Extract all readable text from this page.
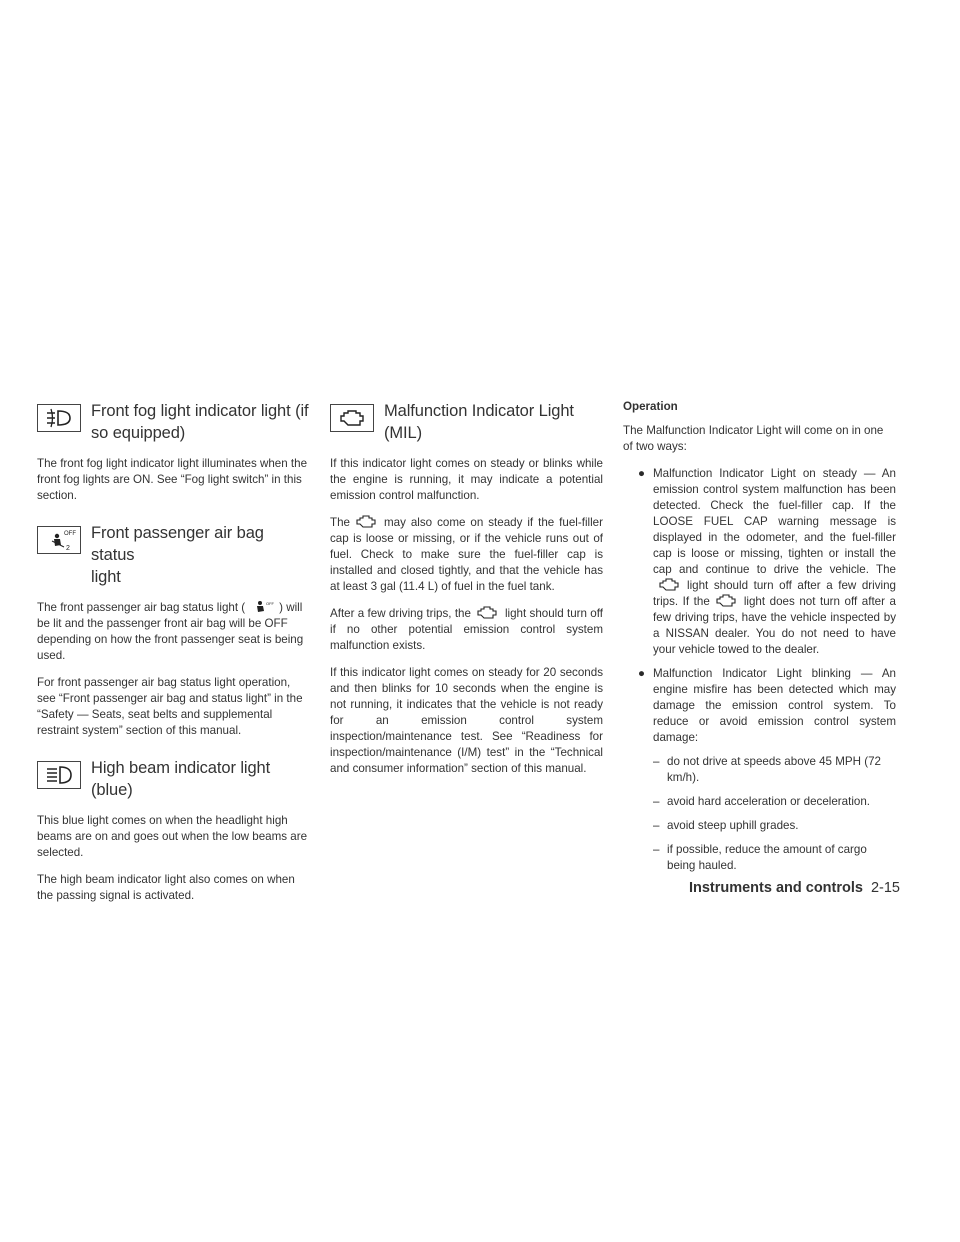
Front fog light indicator light (if
so equipped)

The front fog light indicator light illuminates when the front fog lights are ON. See “Fog light switch” in this section.

OFF
2
Front passenger air bag status
light

The front passenger air bag status light (	OFF ) will be lit and the passenger front air bag will be OFF depending on how the front passenger seat is being used.

For front passenger air bag status light operation, see “Front passenger air bag and status light” in the “Safety — Seats, seat belts and supplemental restraint system” section of this manual.

High beam indicator light
(blue)

This blue light comes on when the headlight high beams are on and goes out when the low beams are selected.

The high beam indicator light also comes on when the passing signal is activated.

Malfunction Indicator Light
(MIL)

If this indicator light comes on steady or blinks while the engine is running, it may indicate a potential emission control malfunction.

The	may also come on steady if the fuel-filler cap is loose or missing, or if the vehicle runs out of fuel. Check to make sure the fuel-filler cap is installed and closed tightly, and that the vehicle has at least 3 gal (11.4 L) of fuel in the fuel tank.

After a few driving trips, the	light should turn off if no other potential emission control system malfunction exists.

If this indicator light comes on steady for 20 seconds and then blinks for 10 seconds when the engine is not running, it indicates that the vehicle is not ready for an emission control system inspection/maintenance test. See “Readiness for inspection/maintenance (I/M) test” in the “Technical and consumer information” section of this manual.

Operation

The Malfunction Indicator Light will come on in one of two ways:

● Malfunction Indicator Light on steady — An emission control system malfunction has been detected. Check the fuel-filler cap. If the LOOSE FUEL CAP warning message is displayed in the odometer, and the fuel-filler cap is loose or missing, tighten or install the cap and continue to drive the vehicle. Thelight should turn off after a few driving trips. If the	light does not turn off after a few driving trips, have the vehicle inspected by a NISSAN dealer. You do not need to have your vehicle towed to the dealer.
● Malfunction Indicator Light blinking — An engine misfire has been detected which may damage the emission control system. To reduce or avoid emission control system damage:
– do not drive at speeds above 45 MPH (72 km/h).
– avoid hard acceleration or deceleration.
– avoid steep uphill grades.
– if possible, reduce the amount of cargo being hauled.
Instruments and controls 2-15
